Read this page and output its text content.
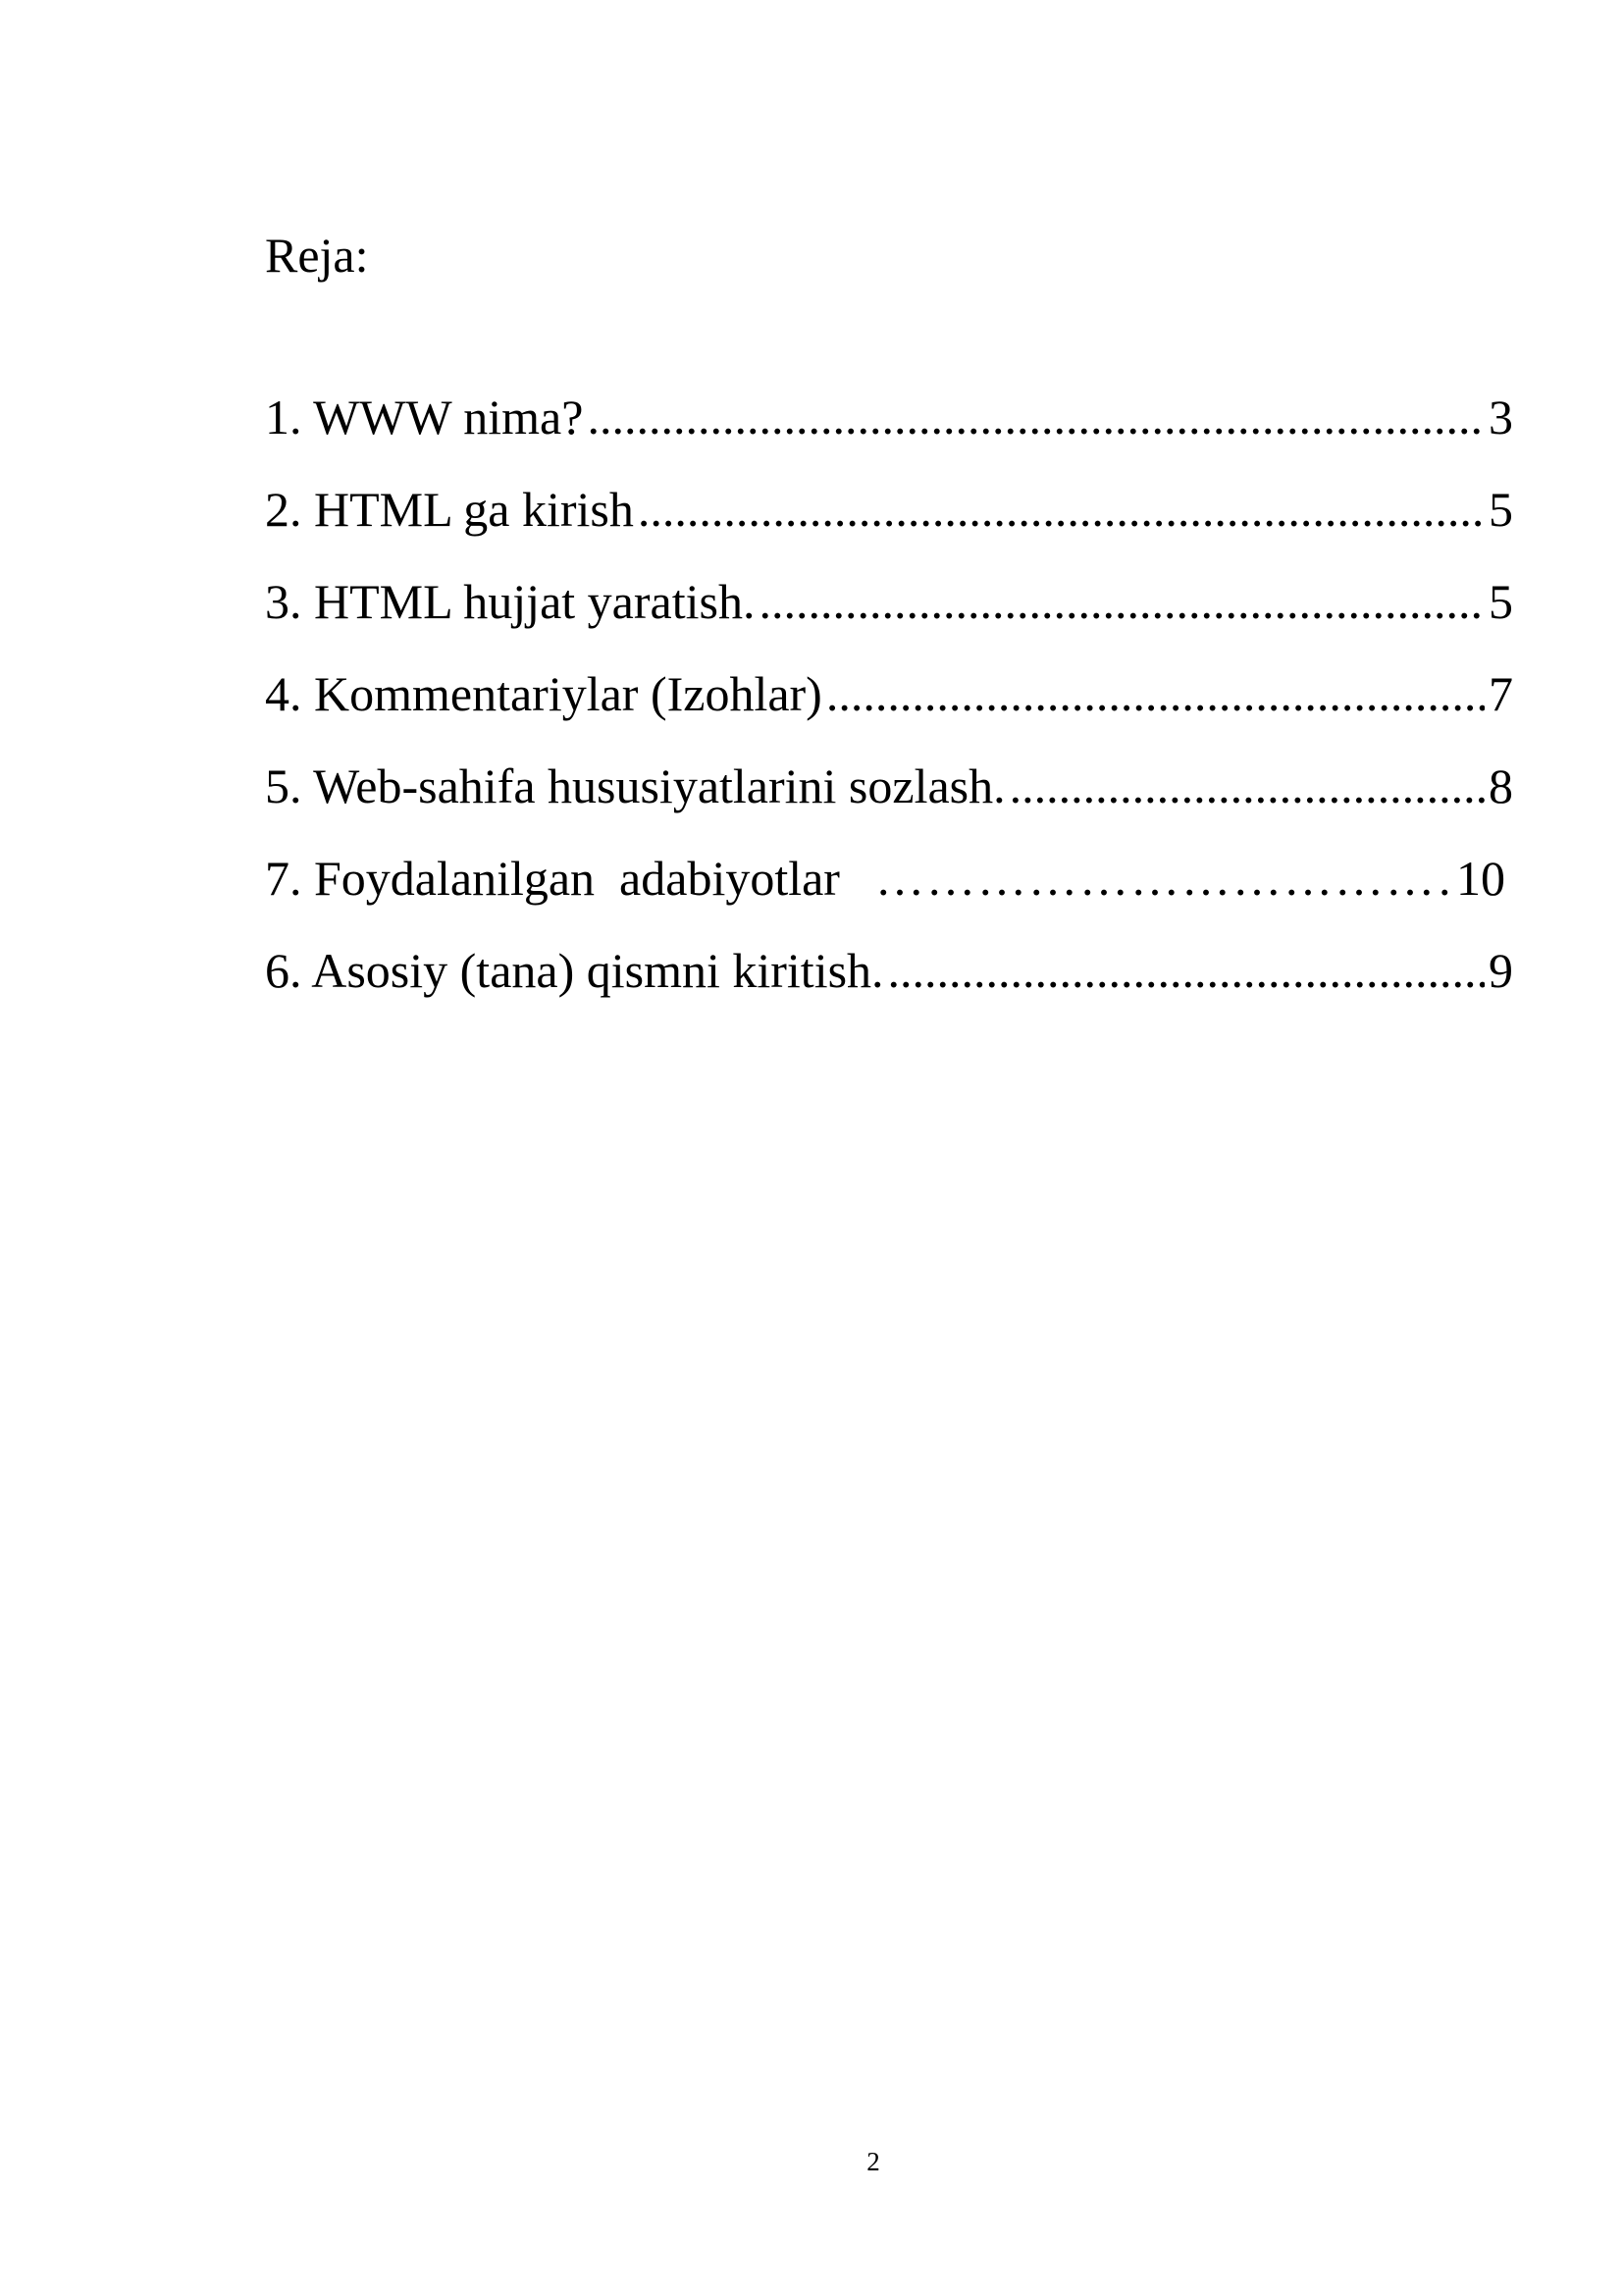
Reja:
1. WWW nima? .....	3
2. HTML ga kirish .....	5
3. HTML hujjat yaratish. .....	5
4. Kommentariylar (Izohlar) .....	7
5. Web-sahifa hususiyatlarini sozlash. .....	8
7. Foydalanilgan  adabiyotlar …………………………………………………………………………………………………………………	10
6. Asosiy (tana) qismni kiritish. .....	9
2
